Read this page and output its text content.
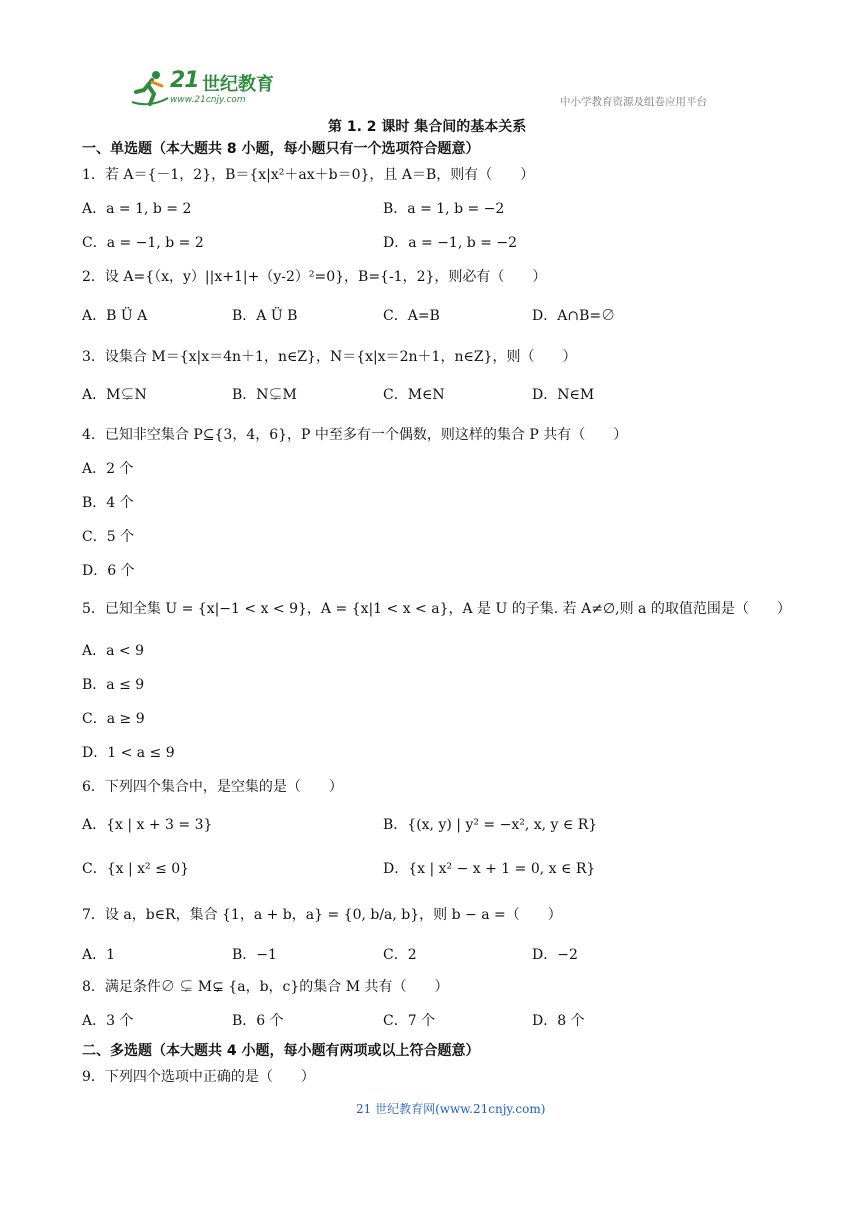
21 世纪教育
www.21cnjy.com	中小学教育资源及组卷应用平台
第 1. 2 课时 集合间的基本关系
一、单选题（本大题共 8 小题，每小题只有一个选项符合题意）
1．若 A＝{－1，2}，B＝{x|x²＋ax＋b＝0}，且 A＝B，则有（　　）
A．a = 1, b = 2	B．a = 1, b = −2
C．a = −1, b = 2	D．a = −1, b = −2
2．设 A={（x，y）||x+1|+（y-2）²=0}，B={-1，2}，则必有（　　）
A．B Ü A	B．A Ü B	C．A=B	D．A∩B=∅
3．设集合 M＝{x|x＝4n＋1，n∈Z}，N＝{x|x＝2n＋1，n∈Z}，则（　　）
A．M⊊N	B．N⊊M	C．M∈N	D．N∈M
4．已知非空集合 P⊆{3，4，6}，P 中至多有一个偶数，则这样的集合 P 共有（　　）
A．2 个
B．4 个
C．5 个
D．6 个
5．已知全集 U = {x|−1 < x < 9}，A = {x|1 < x < a}，A 是 U 的子集. 若 A≠∅,则 a 的取值范围是（　　）
A．a < 9
B．a ≤ 9
C．a ≥ 9
D．1 < a ≤ 9
6．下列四个集合中，是空集的是（　　）
A．{x | x + 3 = 3}	B．{(x, y) | y² = −x², x, y ∈ R}
C．{x | x² ≤ 0}	D．{x | x² − x + 1 = 0, x ∈ R}
7．设 a，b∈R，集合 {1，a + b，a} = {0, b/a, b}，则 b − a =（　　）
A．1	B．−1	C．2	D．−2
8．满足条件∅ ⊊ M⊊ {a，b，c}的集合 M 共有（　　）
A．3 个	B．6 个	C．7 个	D．8 个
二、多选题（本大题共 4 小题，每小题有两项或以上符合题意）
9．下列四个选项中正确的是（　　）
21 世纪教育网(www.21cnjy.com)
